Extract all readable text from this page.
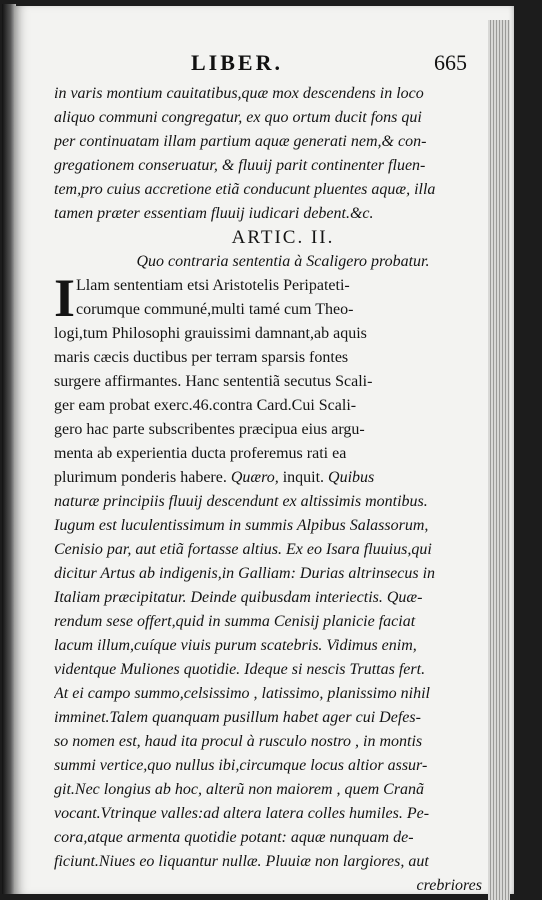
LIBER.	665
in varis montium cauitatibus,quæ mox descendens in loco
aliquo communi congregatur, ex quo ortum ducit fons qui
per continuatam illam partium aquæ generati nem,& con-
gregationem conseruatur, & fluuij parit continenter fluen-
tem,pro cuius accretione etiã conducunt pluentes aquæ, illa
tamen præter essentiam fluuij iudicari debent.&c.
ARTIC. II.
Quo contraria sententia à Scaligero probatur.
I Llam sententiam etsi Aristotelis Peripateti-
corumque communé,multi tamé cum Theo-
logi,tum Philosophi grauissimi damnant,ab aquis
maris cæcis ductibus per terram sparsis fontes
surgere affirmantes. Hanc sententiã secutus Scali-
ger eam probat exerc.46.contra Card.Cui Scali-
gero hac parte subscribentes præcipua eius argu-
menta ab experientia ducta proferemus rati ea
plurimum ponderis habere. Quæro, inquit. Quibus
naturæ principiis fluuij descendunt ex altissimis montibus.
Iugum est luculentissimum in summis Alpibus Salassorum,
Cenisio par, aut etiã fortasse altius. Ex eo Isara fluuius,qui
dicitur Artus ab indigenis,in Galliam: Durias altrinsecus in
Italiam præcipitatur. Deinde quibusdam interiectis. Quæ-
rendum sese offert,quid in summa Cenisij planicie faciat
lacum illum,cuíque viuis purum scatebris. Vidimus enim,
videntque Muliones quotidie. Ideque si nescis Truttas fert.
At ei campo summo,celsissimo , latissimo, planissimo nihil
imminet.Talem quanquam pusillum habet ager cui Defes-
so nomen est, haud ita procul à rusculo nostro , in montis
summi vertice,quo nullus ibi,circumque locus altior assur-
git.Nec longius ab hoc, alterũ non maiorem , quem Cranã
vocant.Vtrinque valles:ad altera latera colles humiles. Pe-
cora,atque armenta quotidie potant: aquæ nunquam de-
ficiunt.Niues eo liquantur nullæ. Pluuiæ non largiores, aut
crebriores
